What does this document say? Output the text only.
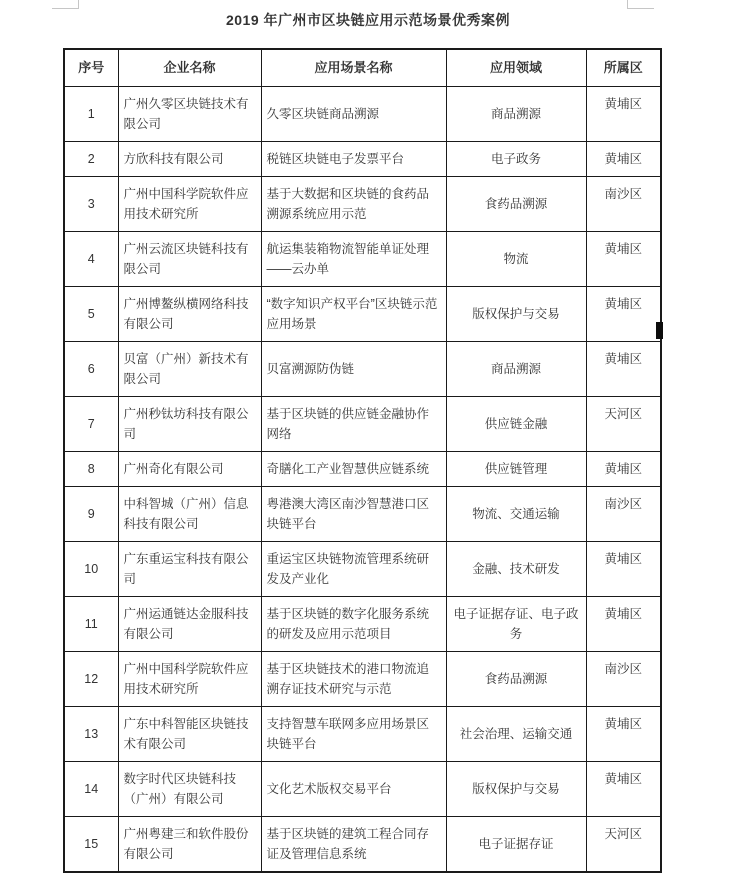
2019 年广州市区块链应用示范场景优秀案例
序号	企业名称	应用场景名称	应用领域	所属区
1	广州久零区块链技术有限公司	久零区块链商品溯源	商品溯源	黄埔区
2	方欣科技有限公司	税链区块链电子发票平台	电子政务	黄埔区
3	广州中国科学院软件应用技术研究所	基于大数据和区块链的食药品溯源系统应用示范	食药品溯源	南沙区
4	广州云流区块链科技有限公司	航运集装箱物流智能单证处理——云办单	物流	黄埔区
5	广州博鳌纵横网络科技有限公司	“数字知识产权平台”区块链示范应用场景	版权保护与交易	黄埔区
6	贝富（广州）新技术有限公司	贝富溯源防伪链	商品溯源	黄埔区
7	广州秒钛坊科技有限公司	基于区块链的供应链金融协作网络	供应链金融	天河区
8	广州奇化有限公司	奇膳化工产业智慧供应链系统	供应链管理	黄埔区
9	中科智城（广州）信息科技有限公司	粤港澳大湾区南沙智慧港口区块链平台	物流、交通运输	南沙区
10	广东重运宝科技有限公司	重运宝区块链物流管理系统研发及产业化	金融、技术研发	黄埔区
11	广州运通链达金服科技有限公司	基于区块链的数字化服务系统的研发及应用示范项目	电子证据存证、电子政务	黄埔区
12	广州中国科学院软件应用技术研究所	基于区块链技术的港口物流追溯存证技术研究与示范	食药品溯源	南沙区
13	广东中科智能区块链技术有限公司	支持智慧车联网多应用场景区块链平台	社会治理、运输交通	黄埔区
14	数字时代区块链科技（广州）有限公司	文化艺术版权交易平台	版权保护与交易	黄埔区
15	广州粤建三和软件股份有限公司	基于区块链的建筑工程合同存证及管理信息系统	电子证据存证	天河区
